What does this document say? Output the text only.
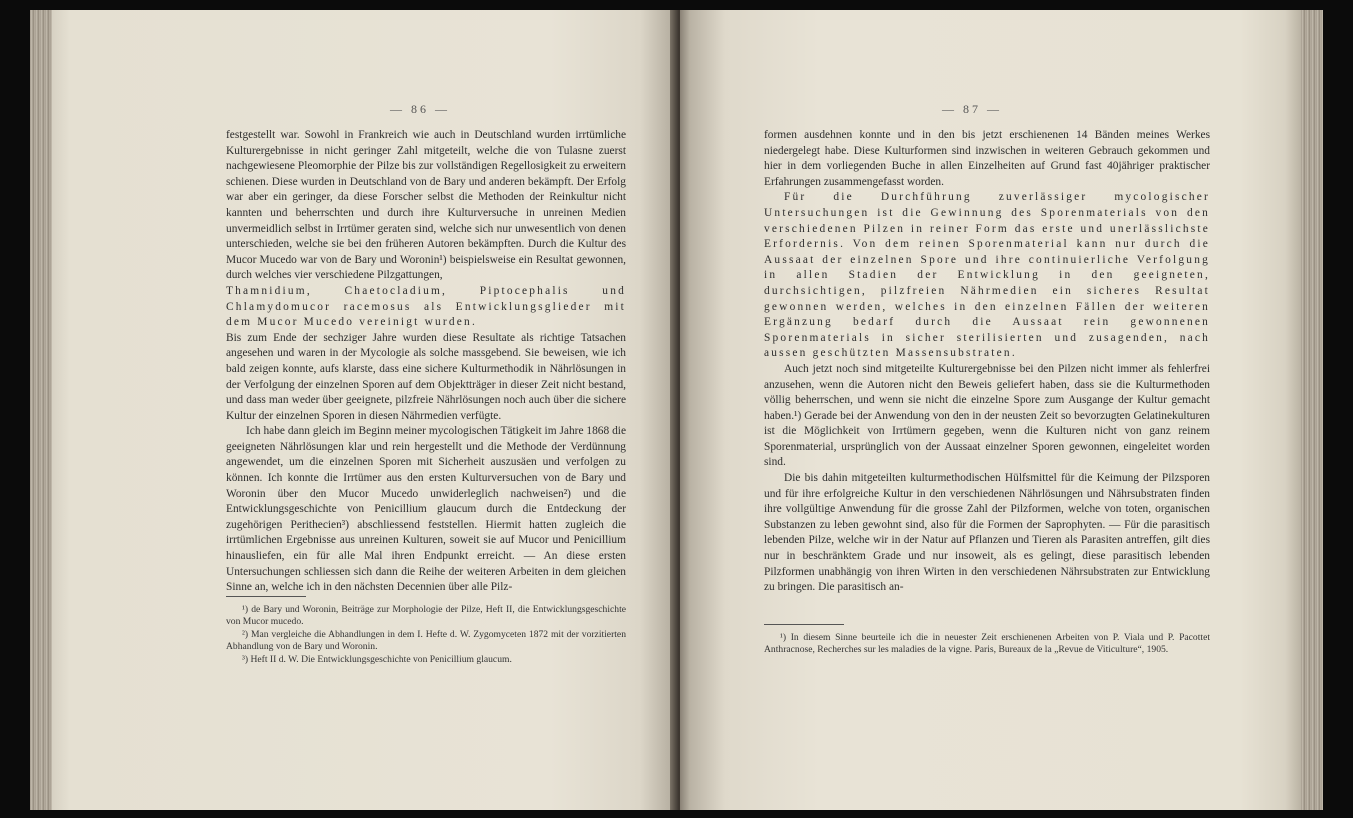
— 86 —

festgestellt war. Sowohl in Frankreich wie auch in Deutschland wurden irrtümliche Kulturergebnisse in nicht geringer Zahl mitgeteilt, welche die von Tulasne zuerst nachgewiesene Pleomorphie der Pilze bis zur vollständigen Regellosigkeit zu erweitern schienen. Diese wurden in Deutschland von de Bary und anderen bekämpft. Der Erfolg war aber ein geringer, da diese Forscher selbst die Methoden der Reinkultur nicht kannten und beherrschten und durch ihre Kulturversuche in unreinen Medien unvermeidlich selbst in Irrtümer geraten sind, welche sich nur unwesentlich von denen unterschieden, welche sie bei den früheren Autoren bekämpften. Durch die Kultur des Mucor Mucedo war von de Bary und Woronin¹) beispielsweise ein Resultat gewonnen, durch welches vier verschiedene Pilzgattungen,

Thamnidium, Chaetocladium, Piptocephalis und Chlamydomucor racemosus als Entwicklungsglieder mit dem Mucor Mucedo vereinigt wurden.

Bis zum Ende der sechziger Jahre wurden diese Resultate als richtige Tatsachen angesehen und waren in der Mycologie als solche massgebend. Sie beweisen, wie ich bald zeigen konnte, aufs klarste, dass eine sichere Kulturmethodik in Nährlösungen in der Verfolgung der einzelnen Sporen auf dem Objektträger in dieser Zeit nicht bestand, und dass man weder über geeignete, pilzfreie Nährlösungen noch auch über die sichere Kultur der einzelnen Sporen in diesen Nährmedien verfügte.

Ich habe dann gleich im Beginn meiner mycologischen Tätigkeit im Jahre 1868 die geeigneten Nährlösungen klar und rein hergestellt und die Methode der Verdünnung angewendet, um die einzelnen Sporen mit Sicherheit auszusäen und verfolgen zu können. Ich konnte die Irrtümer aus den ersten Kulturversuchen von de Bary und Woronin über den Mucor Mucedo unwiderleglich nachweisen²) und die Entwicklungsgeschichte von Penicillium glaucum durch die Entdeckung der zugehörigen Perithecien³) abschliessend feststellen. Hiermit hatten zugleich die irrtümlichen Ergebnisse aus unreinen Kulturen, soweit sie auf Mucor und Penicillium hinausliefen, ein für alle Mal ihren Endpunkt erreicht. — An diese ersten Untersuchungen schliessen sich dann die Reihe der weiteren Arbeiten in dem gleichen Sinne an, welche ich in den nächsten Decennien über alle Pilz-

¹) de Bary und Woronin, Beiträge zur Morphologie der Pilze, Heft II, die Entwicklungsgeschichte von Mucor mucedo.

²) Man vergleiche die Abhandlungen in dem I. Hefte d. W. Zygomyceten 1872 mit der vorzitierten Abhandlung von de Bary und Woronin.

³) Heft II d. W. Die Entwicklungsgeschichte von Penicillium glaucum.

— 87 —

formen ausdehnen konnte und in den bis jetzt erschienenen 14 Bänden meines Werkes niedergelegt habe. Diese Kulturformen sind inzwischen in weiteren Gebrauch gekommen und hier in dem vorliegenden Buche in allen Einzelheiten auf Grund fast 40jähriger praktischer Erfahrungen zusammengefasst worden.

Für die Durchführung zuverlässiger mycologischer Untersuchungen ist die Gewinnung des Sporenmaterials von den verschiedenen Pilzen in reiner Form das erste und unerlässlichste Erfordernis. Von dem reinen Sporenmaterial kann nur durch die Aussaat der einzelnen Spore und ihre continuierliche Verfolgung in allen Stadien der Entwicklung in den geeigneten, durchsichtigen, pilzfreien Nährmedien ein sicheres Resultat gewonnen werden, welches in den einzelnen Fällen der weiteren Ergänzung bedarf durch die Aussaat rein gewonnenen Sporenmaterials in sicher sterilisierten und zusagenden, nach aussen geschützten Massensubstraten.

Auch jetzt noch sind mitgeteilte Kulturergebnisse bei den Pilzen nicht immer als fehlerfrei anzusehen, wenn die Autoren nicht den Beweis geliefert haben, dass sie die Kulturmethoden völlig beherrschen, und wenn sie nicht die einzelne Spore zum Ausgange der Kultur gemacht haben.¹) Gerade bei der Anwendung von den in der neusten Zeit so bevorzugten Gelatinekulturen ist die Möglichkeit von Irrtümern gegeben, wenn die Kulturen nicht von ganz reinem Sporenmaterial, ursprünglich von der Aussaat einzelner Sporen gewonnen, eingeleitet worden sind.

Die bis dahin mitgeteilten kulturmethodischen Hülfsmittel für die Keimung der Pilzsporen und für ihre erfolgreiche Kultur in den verschiedenen Nährlösungen und Nährsubstraten finden ihre vollgültige Anwendung für die grosse Zahl der Pilzformen, welche von toten, organischen Substanzen zu leben gewohnt sind, also für die Formen der Saprophyten. — Für die parasitisch lebenden Pilze, welche wir in der Natur auf Pflanzen und Tieren als Parasiten antreffen, gilt dies nur in beschränktem Grade und nur insoweit, als es gelingt, diese parasitisch lebenden Pilzformen unabhängig von ihren Wirten in den verschiedenen Nährsubstraten zur Entwicklung zu bringen. Die parasitisch an-

¹) In diesem Sinne beurteile ich die in neuester Zeit erschienenen Arbeiten von P. Viala und P. Pacottet Anthracnose, Recherches sur les maladies de la vigne. Paris, Bureaux de la „Revue de Viticulture“, 1905.
